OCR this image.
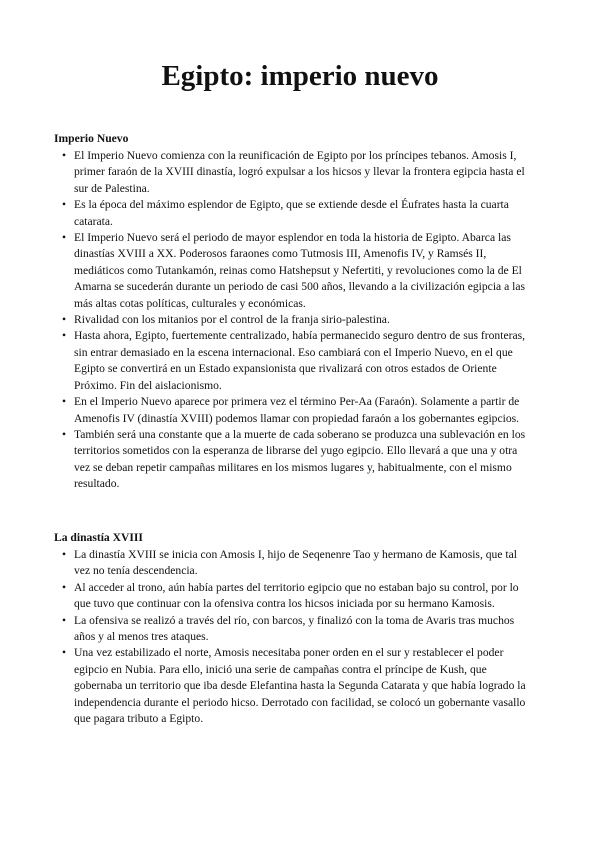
Egipto: imperio nuevo
Imperio Nuevo
• El Imperio Nuevo comienza con la reunificación de Egipto por los príncipes tebanos. Amosis I, primer faraón de la XVIII dinastía, logró expulsar a los hicsos y llevar la frontera egipcia hasta el sur de Palestina.
• Es la época del máximo esplendor de Egipto, que se extiende desde el Éufrates hasta la cuarta catarata.
• El Imperio Nuevo será el periodo de mayor esplendor en toda la historia de Egipto. Abarca las dinastías XVIII a XX. Poderosos faraones como Tutmosis III, Amenofis IV, y Ramsés II, mediáticos como Tutankamón, reinas como Hatshepsut y Nefertiti, y revoluciones como la de El Amarna se sucederán durante un periodo de casi 500 años, llevando a la civilización egipcia a las más altas cotas políticas, culturales y económicas.
• Rivalidad con los mitanios por el control de la franja sirio-palestina.
• Hasta ahora, Egipto, fuertemente centralizado, había permanecido seguro dentro de sus fronteras, sin entrar demasiado en la escena internacional. Eso cambiará con el Imperio Nuevo, en el que Egipto se convertirá en un Estado expansionista que rivalizará con otros estados de Oriente Próximo. Fin del aislacionismo.
• En el Imperio Nuevo aparece por primera vez el término Per-Aa (Faraón). Solamente a partir de Amenofis IV (dinastía XVIII) podemos llamar con propiedad faraón a los gobernantes egipcios.
• También será una constante que a la muerte de cada soberano se produzca una sublevación en los territorios sometidos con la esperanza de librarse del yugo egipcio. Ello llevará a que una y otra vez se deban repetir campañas militares en los mismos lugares y, habitualmente, con el mismo resultado.
La dinastía XVIII
• La dinastía XVIII se inicia con Amosis I, hijo de Seqenenre Tao y hermano de Kamosis, que tal vez no tenía descendencia.
• Al acceder al trono, aún había partes del territorio egipcio que no estaban bajo su control, por lo que tuvo que continuar con la ofensiva contra los hicsos iniciada por su hermano Kamosis.
• La ofensiva se realizó a través del río, con barcos, y finalizó con la toma de Avaris tras muchos años y al menos tres ataques.
• Una vez estabilizado el norte, Amosis necesitaba poner orden en el sur y restablecer el poder egipcio en Nubia. Para ello, inició una serie de campañas contra el príncipe de Kush, que gobernaba un territorio que iba desde Elefantina hasta la Segunda Catarata y que había logrado la independencia durante el periodo hicso. Derrotado con facilidad, se colocó un gobernante vasallo que pagara tributo a Egipto.
